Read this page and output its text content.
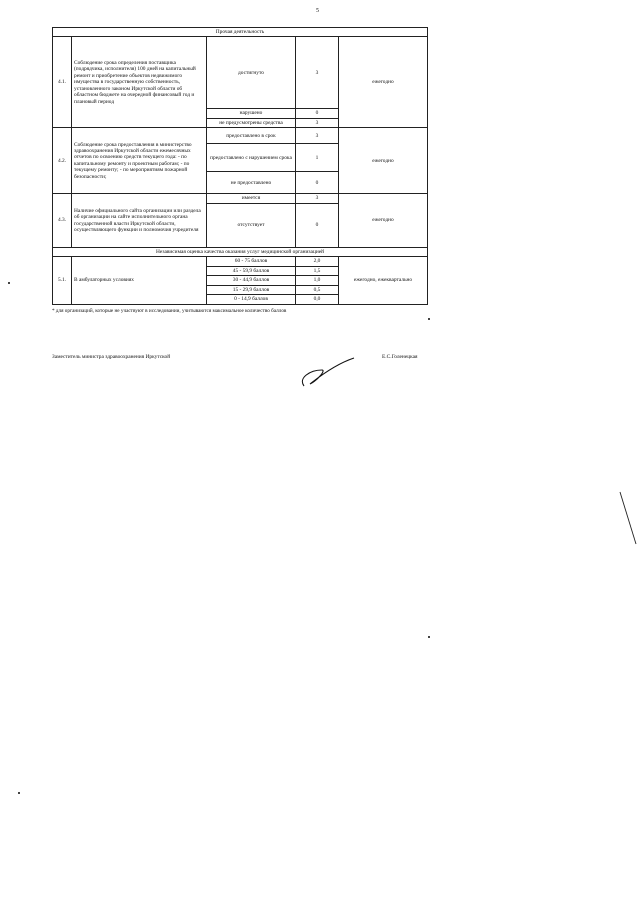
5
Прочая деятельность				
4.1.	Соблюдение срока определения поставщика (подрядчика, исполнителя) 100 дней на капитальный ремонт и приобретение объектов недвижимого имущества в государственную собственность, установленного законом Иркутской области об областном бюджете на очередной финансовый год и плановый период	достигнуто	3	ежегодно
		нарушено	0	
		не предусмотрены средства	3	
4.2.	Соблюдение срока предоставления в министерство здравоохранения Иркутской области ежемесячных отчетов по освоению средств текущего года: - по капитальному ремонту и проектным работам; - по текущему ремонту; - по мероприятиям пожарной безопасности;	предоставлено в срок	3	ежегодно
		предоставлено с нарушением срока	1	
		не предоставлено	0	
4.3.	Наличие официального сайта организации или раздела об организации на сайте исполнительного органа государственной власти Иркутской области, осуществляющего функции и полномочия учредителя	имеется	3	ежегодно
		отсутствует	0	
Независимая оценка качества оказания услуг медицинской организацией				
5.1.	В амбулаторных условиях	60 - 75 баллов	2,0	ежегодно, ежеквартально
		45 - 59,9 баллов	1,5	
		30 - 44,9 баллов	1,0	
		15 - 29,9 баллов	0,5	
		0 - 14,9 баллов	0,0	
* для организаций, которые не участвуют в исследовании, учитываются максимальное количество баллов
Заместитель министра здравоохранения Иркутской	Е.С.Голенецкая
